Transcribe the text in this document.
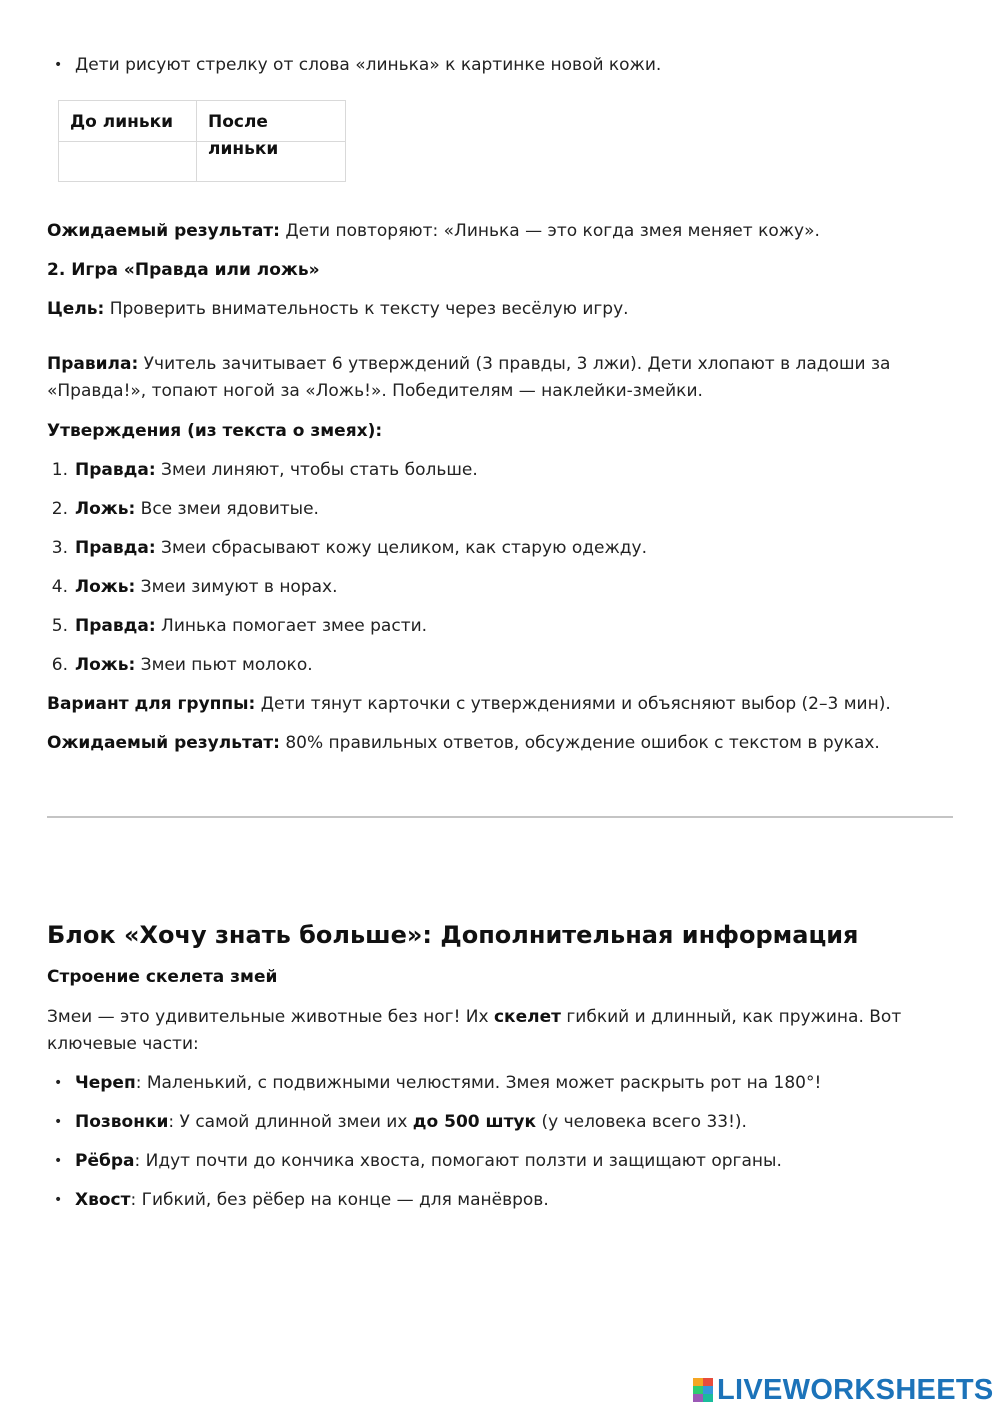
• Дети рисуют стрелку от слова «линька» к картинке новой кожи.
До линьки	После линьки

Ожидаемый результат: Дети повторяют: «Линька — это когда змея меняет кожу».
2. Игра «Правда или ложь»
Цель: Проверить внимательность к тексту через весёлую игру.
Правила: Учитель зачитывает 6 утверждений (3 правды, 3 лжи). Дети хлопают в ладоши за «Правда!», топают ногой за «Ложь!». Победителям — наклейки-змейки.
Утверждения (из текста о змеях):
1. Правда: Змеи линяют, чтобы стать больше.
2. Ложь: Все змеи ядовитые.
3. Правда: Змеи сбрасывают кожу целиком, как старую одежду.
4. Ложь: Змеи зимуют в норах.
5. Правда: Линька помогает змее расти.
6. Ложь: Змеи пьют молоко.
Вариант для группы: Дети тянут карточки с утверждениями и объясняют выбор (2–3 мин).
Ожидаемый результат: 80% правильных ответов, обсуждение ошибок с текстом в руках.
Блок «Хочу знать больше»: Дополнительная информация
Строение скелета змей
Змеи — это удивительные животные без ног! Их скелет гибкий и длинный, как пружина. Вот ключевые части:
• Череп: Маленький, с подвижными челюстями. Змея может раскрыть рот на 180°!
• Позвонки: У самой длинной змеи их до 500 штук (у человека всего 33!).
• Рёбра: Идут почти до кончика хвоста, помогают ползти и защищают органы.
• Хвост: Гибкий, без рёбер на конце — для манёвров.
LIVEWORKSHEETS
